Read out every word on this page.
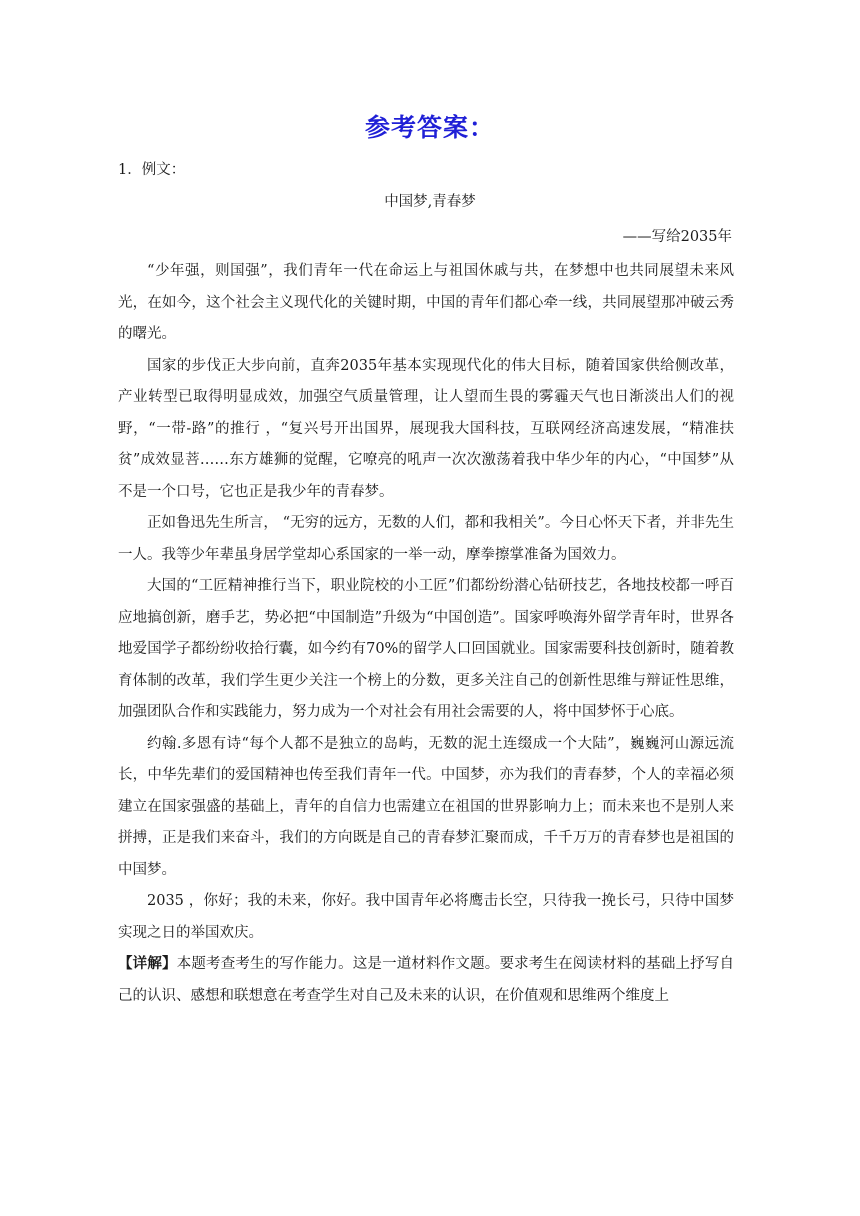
参考答案：
1．例文：
中国梦,青春梦
——写给2035年

“少年强，则国强”，我们青年一代在命运上与祖国休戚与共，在梦想中也共同展望未来风光，在如今，这个社会主义现代化的关键时期，中国的青年们都心牵一线，共同展望那冲破云秀的曙光。

国家的步伐正大步向前，直奔2035年基本实现现代化的伟大目标，随着国家供给侧改革，产业转型已取得明显成效，加强空气质量管理，让人望而生畏的雾霾天气也日渐淡出人们的视野，“一带-路”的推行 ，“复兴号开出国界，展现我大国科技，互联网经济高速发展，“精准扶贫”成效显菩……东方雄狮的觉醒，它嘹亮的吼声一次次激荡着我中华少年的内心，“中国梦”从不是一个口号，它也正是我少年的青春梦。

正如鲁迅先生所言， “无穷的远方，无数的人们，都和我相关”。今日心怀天下者，并非先生一人。我等少年辈虽身居学堂却心系国家的一举一动，摩拳擦掌准备为国效力。

大国的“工匠精神推行当下，职业院校的小工匠”们都纷纷潜心钻研技艺，各地技校都一呼百应地搞创新，磨手艺，势必把“中国制造”升级为“中国创造”。国家呼唤海外留学青年时，世界各地爱国学子都纷纷收拾行囊，如今约有70%的留学人口回国就业。国家需要科技创新时，随着教育体制的改革，我们学生更少关注一个榜上的分数，更多关注自己的创新性思维与辩证性思维，加强团队合作和实践能力，努力成为一个对社会有用社会需要的人，将中国梦怀于心底。

约翰.多恩有诗“每个人都不是独立的岛屿，无数的泥土连缀成一个大陆”，巍巍河山源远流长，中华先辈们的爱国精神也传至我们青年一代。中国梦，亦为我们的青春梦，个人的幸福必须建立在国家强盛的基础上，青年的自信力也需建立在祖国的世界影响力上；而未来也不是别人来拼搏，正是我们来奋斗，我们的方向既是自己的青春梦汇聚而成，千千万万的青春梦也是祖国的中国梦。

2035 ，你好；我的未来，你好。我中国青年必将鹰击长空，只待我一挽长弓，只待中国梦实现之日的举国欢庆。

【详解】本题考查考生的写作能力。这是一道材料作文题。要求考生在阅读材料的基础上抒写自己的认识、感想和联想意在考查学生对自己及未来的认识，在价值观和思维两个维度上
